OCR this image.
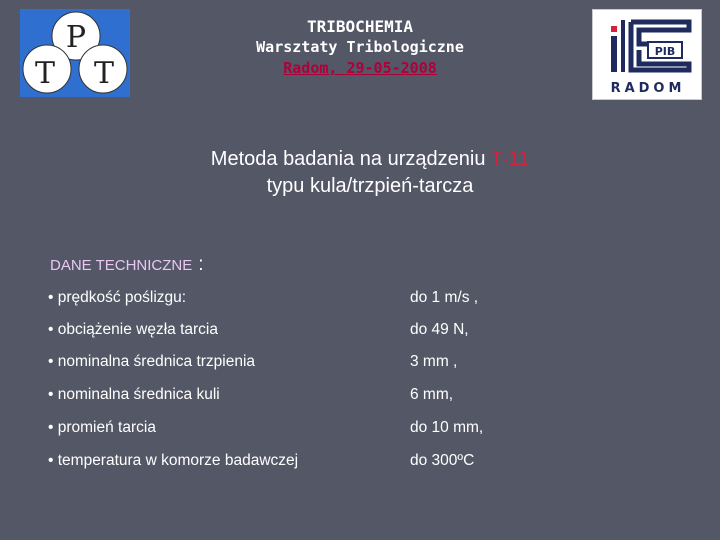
P
T T
TRIBOCHEMIA
Warsztaty Tribologiczne
Radom, 29-05-2008
PIB
RADOM
Metoda badania na urządzeniu T-11
typu kula/trzpień-tarcza
DANE TECHNICZNE :
• prędkość poślizgu:	do 1 m/s ,
• obciążenie węzła tarcia	do 49 N,
• nominalna średnica trzpienia	3 mm ,
• nominalna średnica kuli	6 mm,
• promień tarcia	do 10 mm,
• temperatura w komorze badawczej	do 300ºC
